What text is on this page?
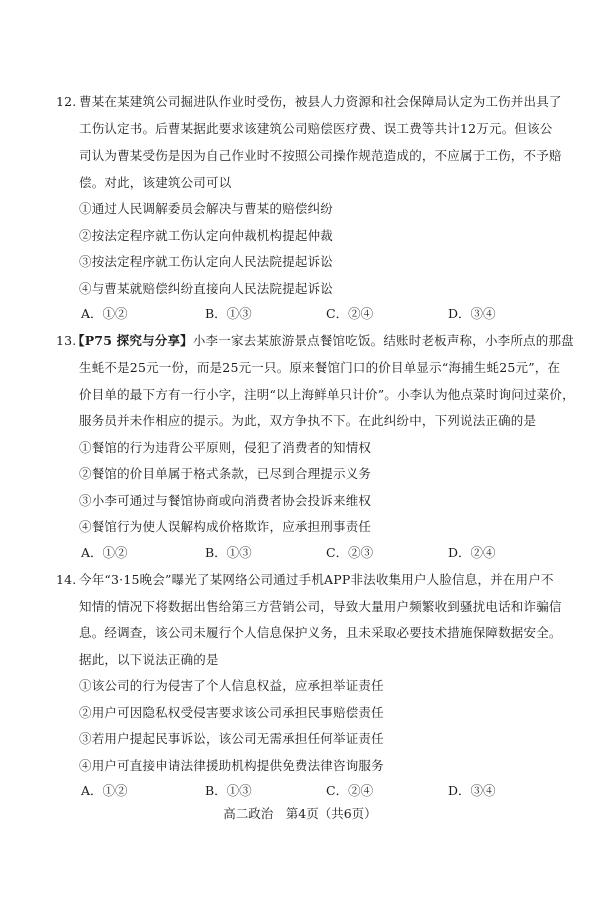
12. 曹某在某建筑公司掘进队作业时受伤，被县人力资源和社会保障局认定为工伤并出具了
工伤认定书。后曹某据此要求该建筑公司赔偿医疗费、误工费等共计12万元。但该公
司认为曹某受伤是因为自己作业时不按照公司操作规范造成的，不应属于工伤，不予赔
偿。对此，该建筑公司可以
①通过人民调解委员会解决与曹某的赔偿纠纷
②按法定程序就工伤认定向仲裁机构提起仲裁
③按法定程序就工伤认定向人民法院提起诉讼
④与曹某就赔偿纠纷直接向人民法院提起诉讼
A．①②	B．①③	C．②④	D．③④
13.
【P75 探究与分享】小李一家去某旅游景点餐馆吃饭。结账时老板声称，小李所点的那盘
生蚝不是25元一份，而是25元一只。原来餐馆门口的价目单显示“海捕生蚝25元”，在
价目单的最下方有一行小字，注明“以上海鲜单只计价”。小李认为他点菜时询问过菜价，
服务员并未作相应的提示。为此，双方争执不下。在此纠纷中，下列说法正确的是
①餐馆的行为违背公平原则，侵犯了消费者的知情权
②餐馆的价目单属于格式条款，已尽到合理提示义务
③小李可通过与餐馆协商或向消费者协会投诉来维权
④餐馆行为使人误解构成价格欺诈，应承担刑事责任
A．①②	B．①③	C．②③	D．②④
14. 今年“3·15晚会”曝光了某网络公司通过手机APP非法收集用户人脸信息，并在用户不
知情的情况下将数据出售给第三方营销公司，导致大量用户频繁收到骚扰电话和诈骗信
息。经调查，该公司未履行个人信息保护义务，且未采取必要技术措施保障数据安全。
据此，以下说法正确的是
①该公司的行为侵害了个人信息权益，应承担举证责任
②用户可因隐私权受侵害要求该公司承担民事赔偿责任
③若用户提起民事诉讼，该公司无需承担任何举证责任
④用户可直接申请法律援助机构提供免费法律咨询服务
A．①②	B．①③	C．②④	D．③④
高二政治　第4页（共6页）
